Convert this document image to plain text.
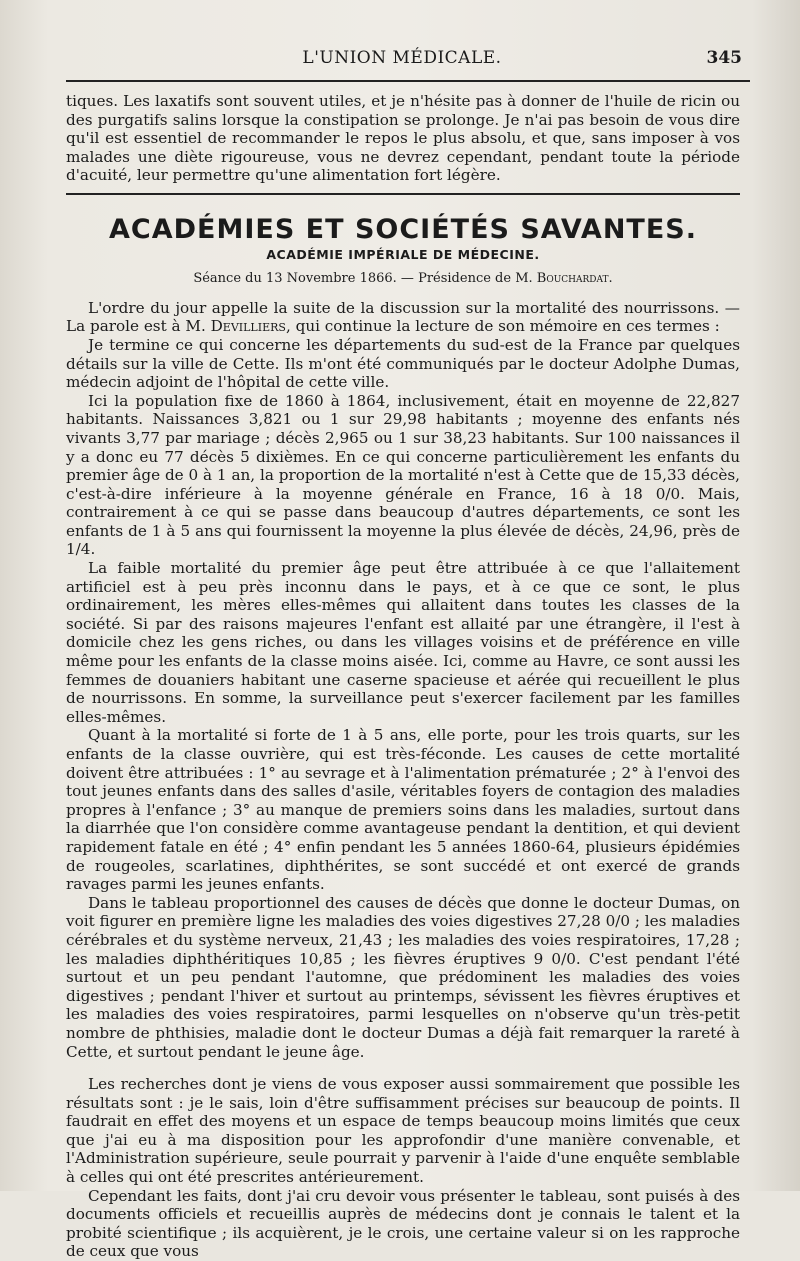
L'UNION MÉDICALE.	345

tiques. Les laxatifs sont souvent utiles, et je n'hésite pas à donner de l'huile de ricin ou des purgatifs salins lorsque la constipation se prolonge. Je n'ai pas besoin de vous dire qu'il est essentiel de recommander le repos le plus absolu, et que, sans imposer à vos malades une diète rigoureuse, vous ne devrez cependant, pendant toute la période d'acuité, leur permettre qu'une alimentation fort légère.

ACADÉMIES ET SOCIÉTÉS SAVANTES.
ACADÉMIE IMPÉRIALE DE MÉDECINE.
Séance du 13 Novembre 1866. — Présidence de M. Bouchardat.

L'ordre du jour appelle la suite de la discussion sur la mortalité des nourrissons. — La parole est à M. Devilliers, qui continue la lecture de son mémoire en ces termes :

Je termine ce qui concerne les départements du sud-est de la France par quelques détails sur la ville de Cette. Ils m'ont été communiqués par le docteur Adolphe Dumas, médecin adjoint de l'hôpital de cette ville.

Ici la population fixe de 1860 à 1864, inclusivement, était en moyenne de 22,827 habitants. Naissances 3,821 ou 1 sur 29,98 habitants ; moyenne des enfants nés vivants 3,77 par mariage ; décès 2,965 ou 1 sur 38,23 habitants. Sur 100 naissances il y a donc eu 77 décès 5 dixièmes. En ce qui concerne particulièrement les enfants du premier âge de 0 à 1 an, la proportion de la mortalité n'est à Cette que de 15,33 décès, c'est-à-dire inférieure à la moyenne générale en France, 16 à 18 0/0. Mais, contrairement à ce qui se passe dans beaucoup d'autres départements, ce sont les enfants de 1 à 5 ans qui fournissent la moyenne la plus élevée de décès, 24,96, près de 1/4.

La faible mortalité du premier âge peut être attribuée à ce que l'allaitement artificiel est à peu près inconnu dans le pays, et à ce que ce sont, le plus ordinairement, les mères elles-mêmes qui allaitent dans toutes les classes de la société. Si par des raisons majeures l'enfant est allaité par une étrangère, il l'est à domicile chez les gens riches, ou dans les villages voisins et de préférence en ville même pour les enfants de la classe moins aisée. Ici, comme au Havre, ce sont aussi les femmes de douaniers habitant une caserne spacieuse et aérée qui recueillent le plus de nourrissons. En somme, la surveillance peut s'exercer facilement par les familles elles-mêmes.

Quant à la mortalité si forte de 1 à 5 ans, elle porte, pour les trois quarts, sur les enfants de la classe ouvrière, qui est très-féconde. Les causes de cette mortalité doivent être attribuées : 1° au sevrage et à l'alimentation prématurée ; 2° à l'envoi des tout jeunes enfants dans des salles d'asile, véritables foyers de contagion des maladies propres à l'enfance ; 3° au manque de premiers soins dans les maladies, surtout dans la diarrhée que l'on considère comme avantageuse pendant la dentition, et qui devient rapidement fatale en été ; 4° enfin pendant les 5 années 1860-64, plusieurs épidémies de rougeoles, scarlatines, diphthérites, se sont succédé et ont exercé de grands ravages parmi les jeunes enfants.

Dans le tableau proportionnel des causes de décès que donne le docteur Dumas, on voit figurer en première ligne les maladies des voies digestives 27,28 0/0 ; les maladies cérébrales et du système nerveux, 21,43 ; les maladies des voies respiratoires, 17,28 ; les maladies diphthéritiques 10,85 ; les fièvres éruptives 9 0/0. C'est pendant l'été surtout et un peu pendant l'automne, que prédominent les maladies des voies digestives ; pendant l'hiver et surtout au printemps, sévissent les fièvres éruptives et les maladies des voies respiratoires, parmi lesquelles on n'observe qu'un très-petit nombre de phthisies, maladie dont le docteur Dumas a déjà fait remarquer la rareté à Cette, et surtout pendant le jeune âge.

Les recherches dont je viens de vous exposer aussi sommairement que possible les résultats sont : je le sais, loin d'être suffisamment précises sur beaucoup de points. Il faudrait en effet des moyens et un espace de temps beaucoup moins limités que ceux que j'ai eu à ma disposition pour les approfondir d'une manière convenable, et l'Administration supérieure, seule pourrait y parvenir à l'aide d'une enquête semblable à celles qui ont été prescrites antérieurement.

Cependant les faits, dont j'ai cru devoir vous présenter le tableau, sont puisés à des documents officiels et recueillis auprès de médecins dont je connais le talent et la probité scientifique ; ils acquièrent, je le crois, une certaine valeur si on les rapproche de ceux que vous
